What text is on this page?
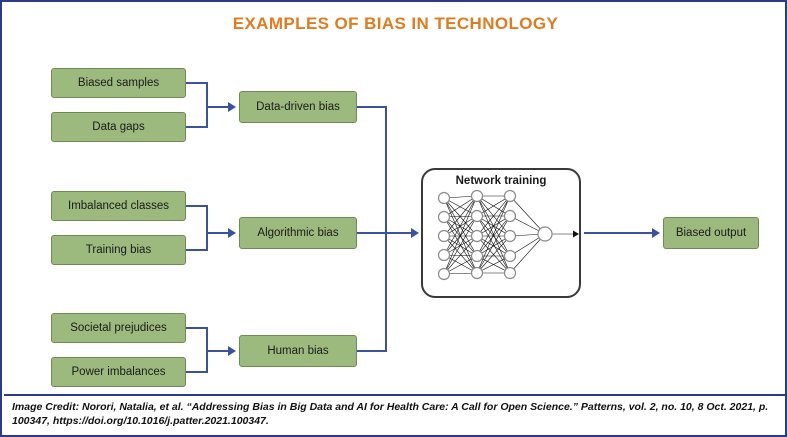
EXAMPLES OF BIAS IN TECHNOLOGY
Biased samples
Data gaps
Data-driven bias
Imbalanced classes
Training bias
Algorithmic bias
Societal prejudices
Power imbalances
Human bias
Network training
Biased output
Image Credit: Norori, Natalia, et al. “Addressing Bias in Big Data and AI for Health Care: A Call for Open Science.” Patterns, vol. 2, no. 10, 8 Oct. 2021, p. 100347, https://doi.org/10.1016/j.patter.2021.100347.
